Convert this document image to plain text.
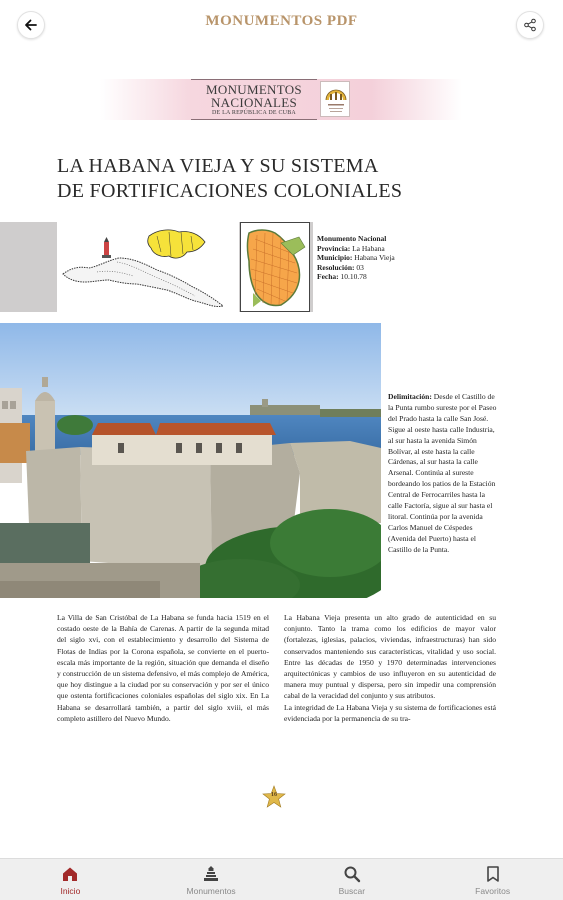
MONUMENTOS PDF
MONUMENTOS
NACIONALES
DE LA REPÚBLICA DE CUBA
LA HABANA VIEJA Y SU SISTEMA
DE FORTIFICACIONES COLONIALES
Monumento Nacional
Provincia: La Habana
Municipio: Habana Vieja
Resolución: 03
Fecha: 10.10.78
Delimitación: Desde el Castillo de la Punta rumbo sureste por el Paseo del Prado hasta la calle San José. Sigue al oeste hasta calle Industria, al sur hasta la avenida Simón Bolívar, al este hasta la calle Cárdenas, al sur hasta la calle Arsenal. Continúa al sureste bordeando los patios de la Estación Central de Ferrocarriles hasta la calle Factoría, sigue al sur hasta el litoral. Continúa por la avenida Carlos Manuel de Céspedes (Avenida del Puerto) hasta el Castillo de la Punta.

La Villa de San Cristóbal de La Habana se funda hacia 1519 en el costado oeste de la Bahía de Carenas. A partir de la segunda mitad del siglo xvi, con el establecimiento y desarrollo del Sistema de Flotas de Indias por la Corona española, se convierte en el puerto-escala más importante de la región, situación que demanda el diseño y construcción de un sistema defensivo, el más complejo de América, que hoy distingue a la ciudad por su conservación y por ser el único que ostenta fortificaciones coloniales españolas del siglo xix. En La Habana se desarrollará también, a partir del siglo xviii, el más completo astillero del Nuevo Mundo.

La Habana Vieja presenta un alto grado de autenticidad en su conjunto. Tanto la trama como los edificios de mayor valor (fortalezas, iglesias, palacios, viviendas, infraestructuras) han sido conservados manteniendo sus características, vitalidad y uso social. Entre las décadas de 1950 y 1970 determinadas intervenciones arquitectónicas y cambios de uso influyeron en su autenticidad de manera muy puntual y dispersa, pero sin impedir una comprensión cabal de la veracidad del conjunto y sus atributos.

La integridad de La Habana Vieja y su sistema de fortificaciones está evidenciada por la permanencia de su tra-

16
Inicio	Monumentos	Buscar	Favoritos
